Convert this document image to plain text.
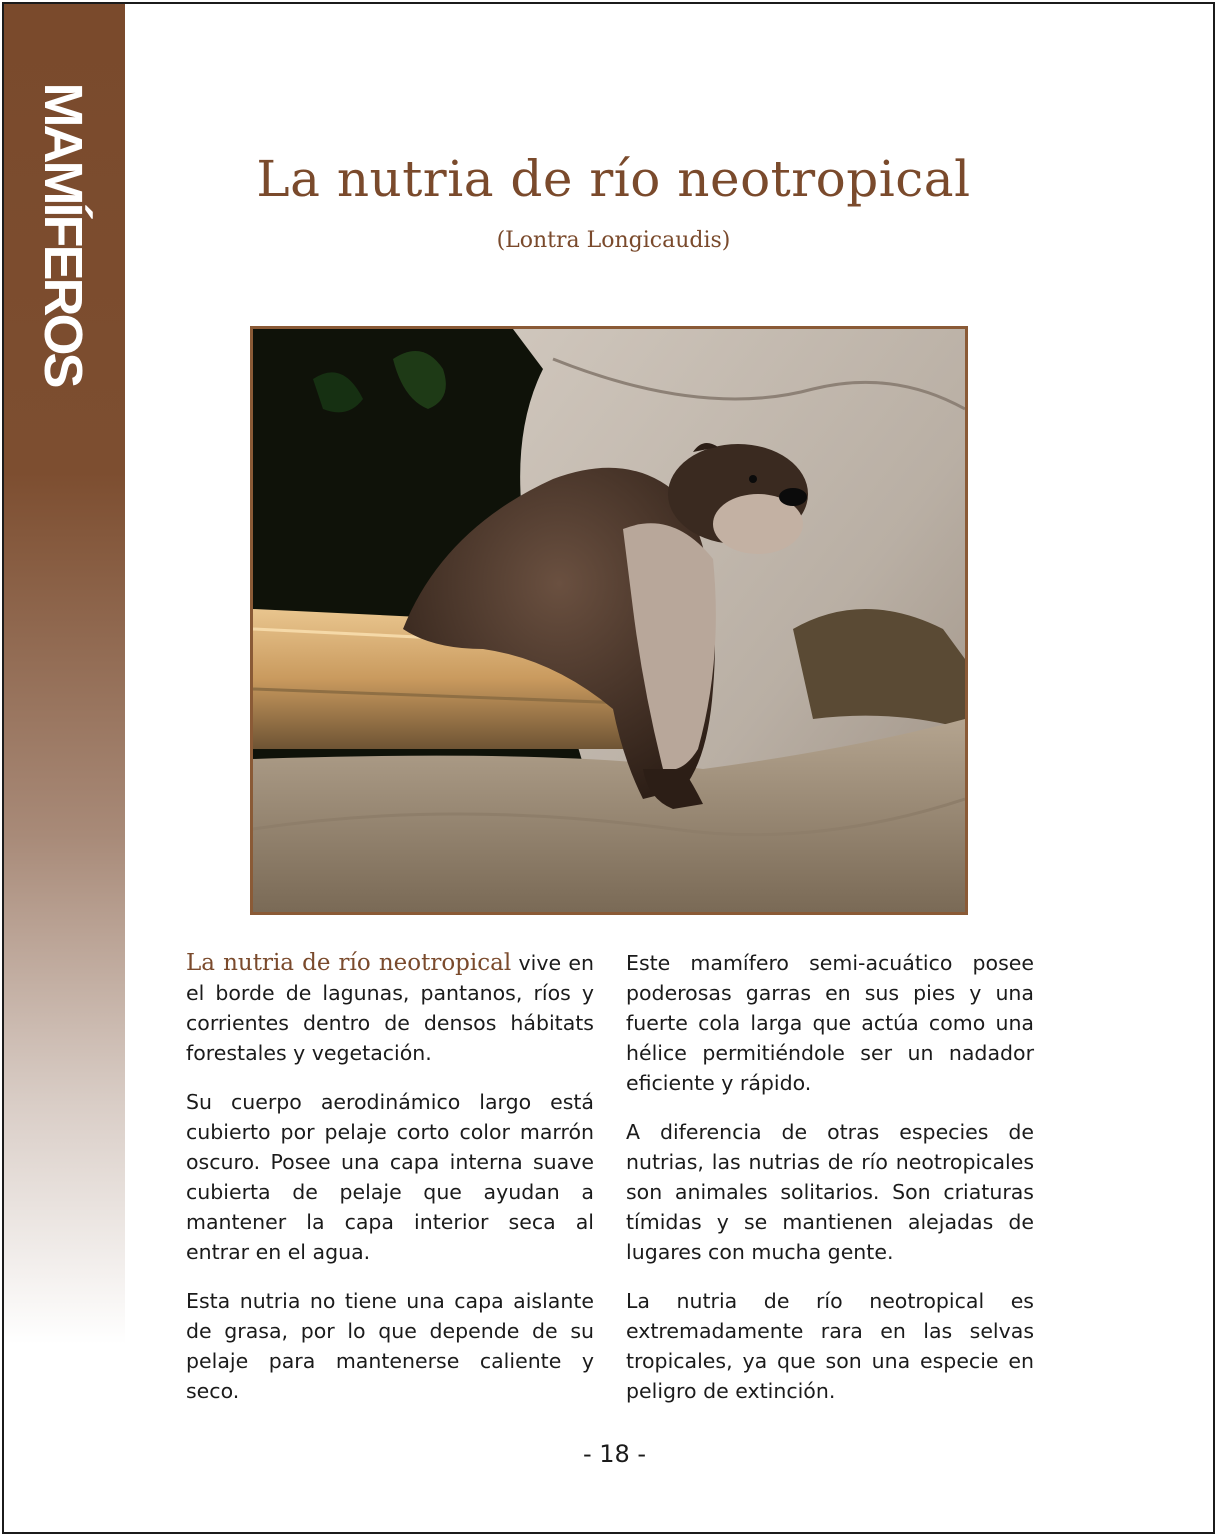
MAMÍFEROS	La nutria de río neotropical
(Lontra Longicaudis)

La nutria de río neotropical vive en el borde de lagunas, pantanos, ríos y corrientes dentro de densos hábitats forestales y vegetación.

Su cuerpo aerodinámico largo está cubierto por pelaje corto color marrón oscuro. Posee una capa interna suave cubierta de pelaje que ayudan a mantener la capa interior seca al entrar en el agua.

Esta nutria no tiene una capa aislante de grasa, por lo que depende de su pelaje para mantenerse caliente y seco.

Este mamífero semi-acuático posee poderosas garras en sus pies y una fuerte cola larga que actúa como una hélice permitiéndole ser un nadador eficiente y rápido.

A diferencia de otras especies de nutrias, las nutrias de río neotropicales son animales solitarios. Son criaturas tímidas y se mantienen alejadas de lugares con mucha gente.

La nutria de río neotropical es extremadamente rara en las selvas tropicales, ya que son una especie en peligro de extinción.

- 18 -
